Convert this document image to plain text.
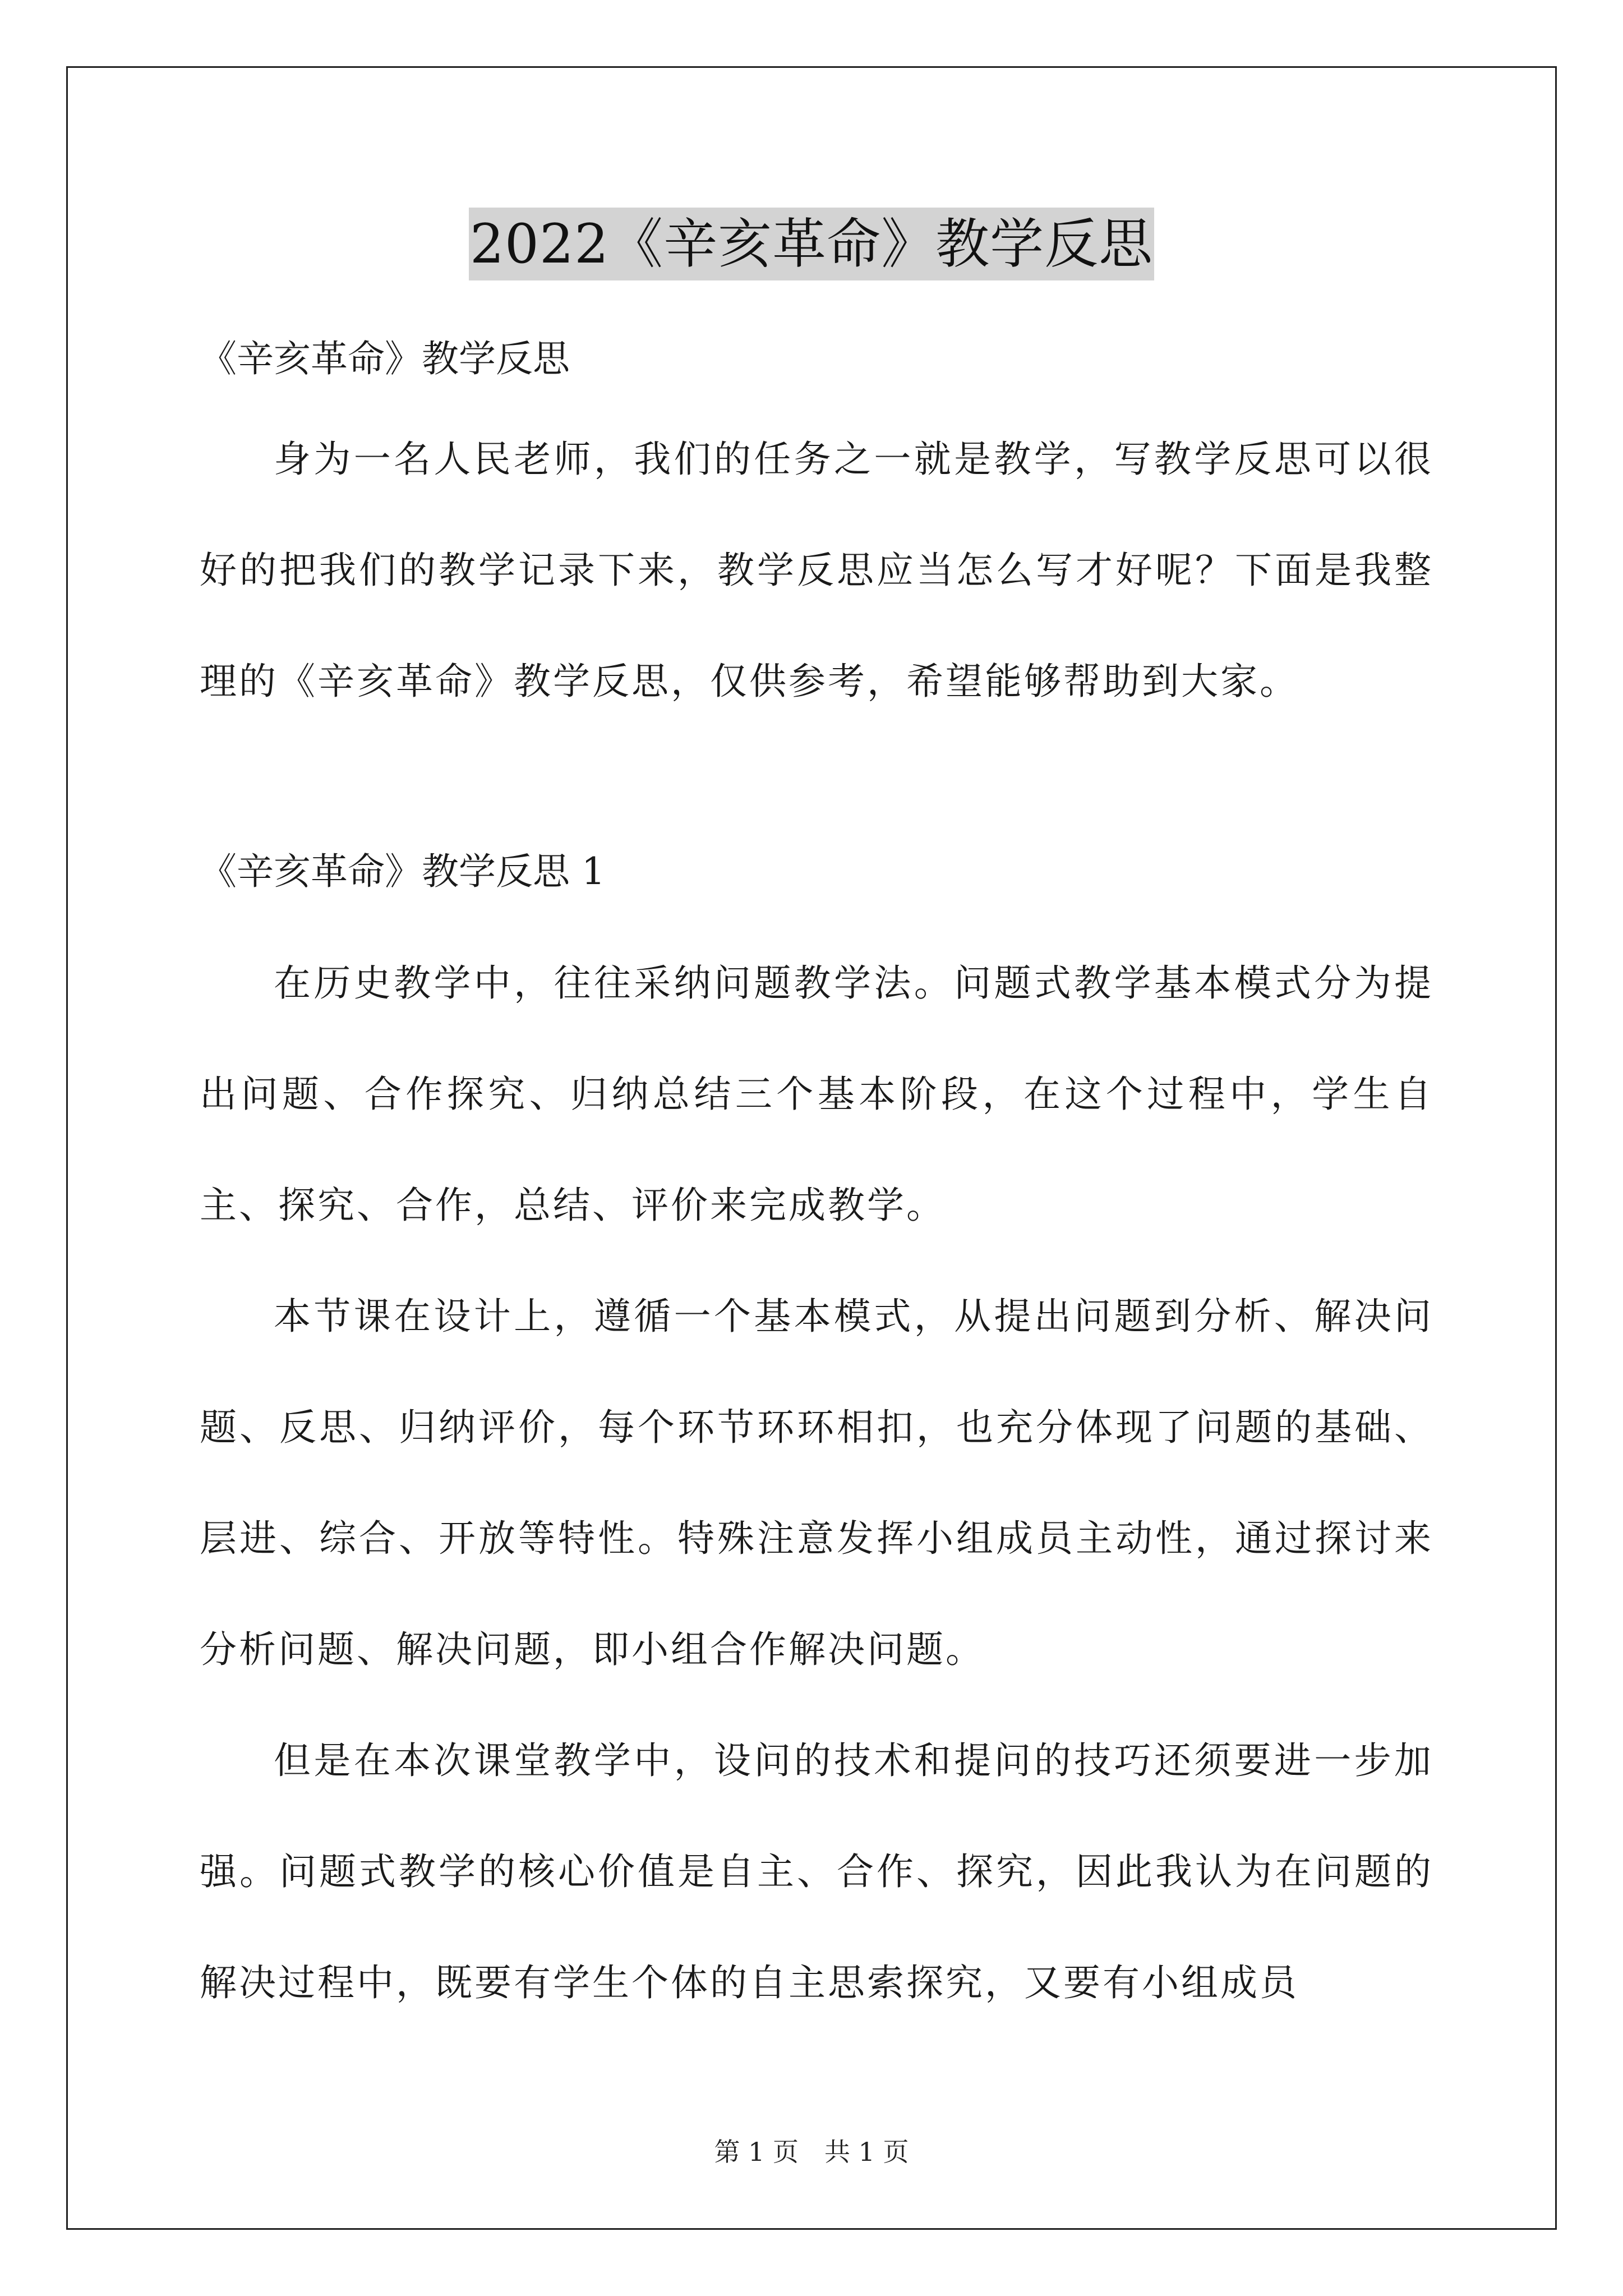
2022《辛亥革命》教学反思

《辛亥革命》教学反思

身为一名人民老师，我们的任务之一就是教学，写教学反思可以很好的把我们的教学记录下来，教学反思应当怎么写才好呢？下面是我整理的《辛亥革命》教学反思，仅供参考，希望能够帮助到大家。

《辛亥革命》教学反思 1

在历史教学中，往往采纳问题教学法。问题式教学基本模式分为提出问题、合作探究、归纳总结三个基本阶段，在这个过程中，学生自主、探究、合作，总结、评价来完成教学。

本节课在设计上，遵循一个基本模式，从提出问题到分析、解决问题、反思、归纳评价，每个环节环环相扣，也充分体现了问题的基础、层进、综合、开放等特性。特殊注意发挥小组成员主动性，通过探讨来分析问题、解决问题，即小组合作解决问题。

但是在本次课堂教学中，设问的技术和提问的技巧还须要进一步加强。问题式教学的核心价值是自主、合作、探究，因此我认为在问题的解决过程中，既要有学生个体的自主思索探究，又要有小组成员

第 1 页　共 1 页
